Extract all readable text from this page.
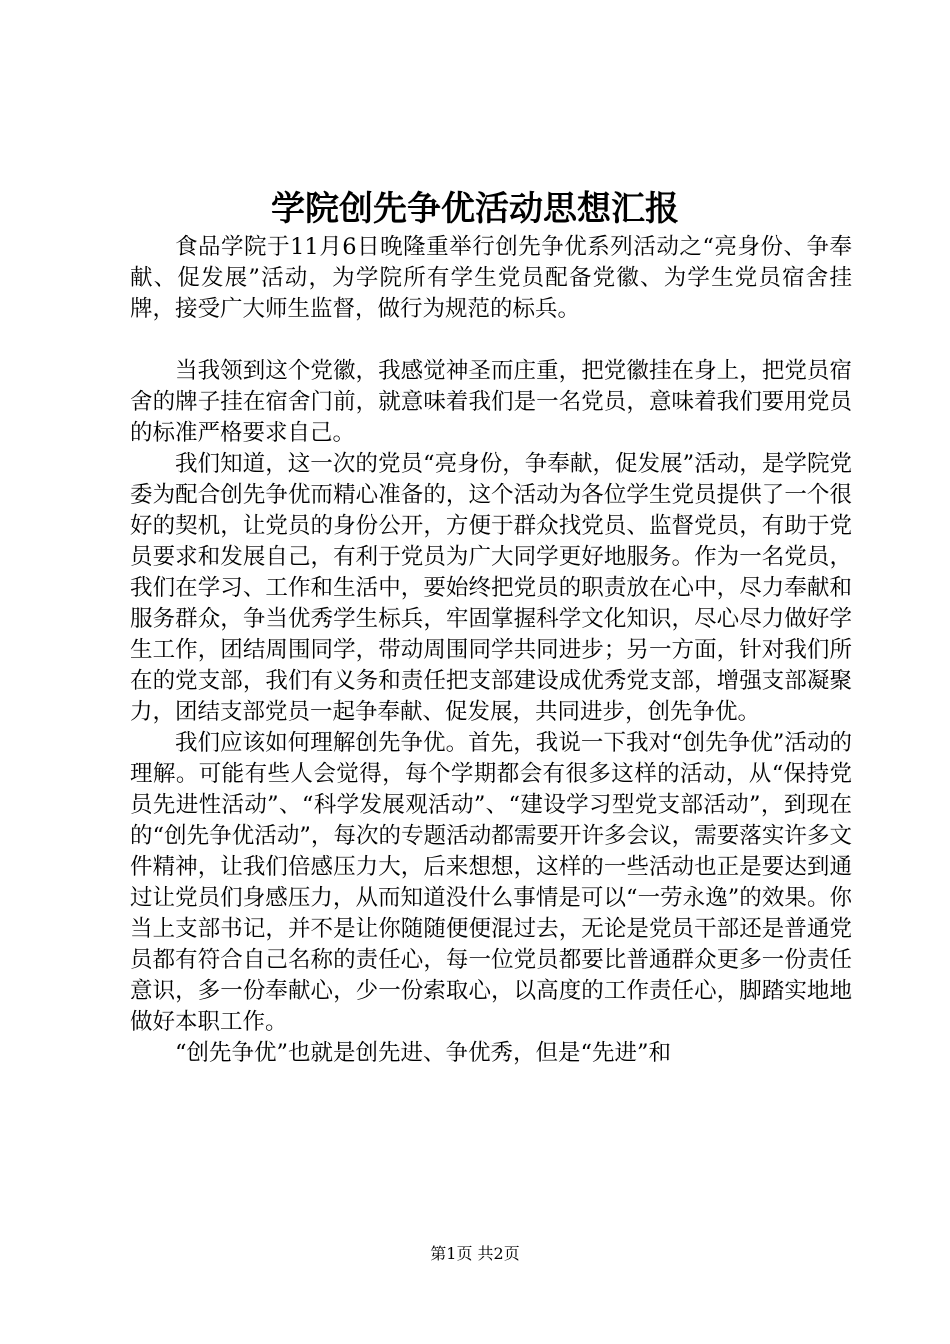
学院创先争优活动思想汇报

食品学院于11月6日晚隆重举行创先争优系列活动之“亮身份、争奉献、促发展”活动，为学院所有学生党员配备党徽、为学生党员宿舍挂牌，接受广大师生监督，做行为规范的标兵。

当我领到这个党徽，我感觉神圣而庄重，把党徽挂在身上，把党员宿舍的牌子挂在宿舍门前，就意味着我们是一名党员，意味着我们要用党员的标准严格要求自己。

我们知道，这一次的党员“亮身份，争奉献，促发展”活动，是学院党委为配合创先争优而精心准备的，这个活动为各位学生党员提供了一个很好的契机，让党员的身份公开，方便于群众找党员、监督党员，有助于党员要求和发展自己，有利于党员为广大同学更好地服务。作为一名党员，我们在学习、工作和生活中，要始终把党员的职责放在心中，尽力奉献和服务群众，争当优秀学生标兵，牢固掌握科学文化知识，尽心尽力做好学生工作，团结周围同学，带动周围同学共同进步；另一方面，针对我们所在的党支部，我们有义务和责任把支部建设成优秀党支部，增强支部凝聚力，团结支部党员一起争奉献、促发展，共同进步，创先争优。

我们应该如何理解创先争优。首先，我说一下我对“创先争优”活动的理解。可能有些人会觉得，每个学期都会有很多这样的活动，从“保持党员先进性活动”、“科学发展观活动”、“建设学习型党支部活动”，到现在的“创先争优活动”，每次的专题活动都需要开许多会议，需要落实许多文件精神，让我们倍感压力大，后来想想，这样的一些活动也正是要达到通过让党员们身感压力，从而知道没什么事情是可以“一劳永逸”的效果。你当上支部书记，并不是让你随随便便混过去，无论是党员干部还是普通党员都有符合自己名称的责任心，每一位党员都要比普通群众更多一份责任意识，多一份奉献心，少一份索取心，以高度的工作责任心，脚踏实地地做好本职工作。

“创先争优”也就是创先进、争优秀，但是“先进”和

第1页 共2页
